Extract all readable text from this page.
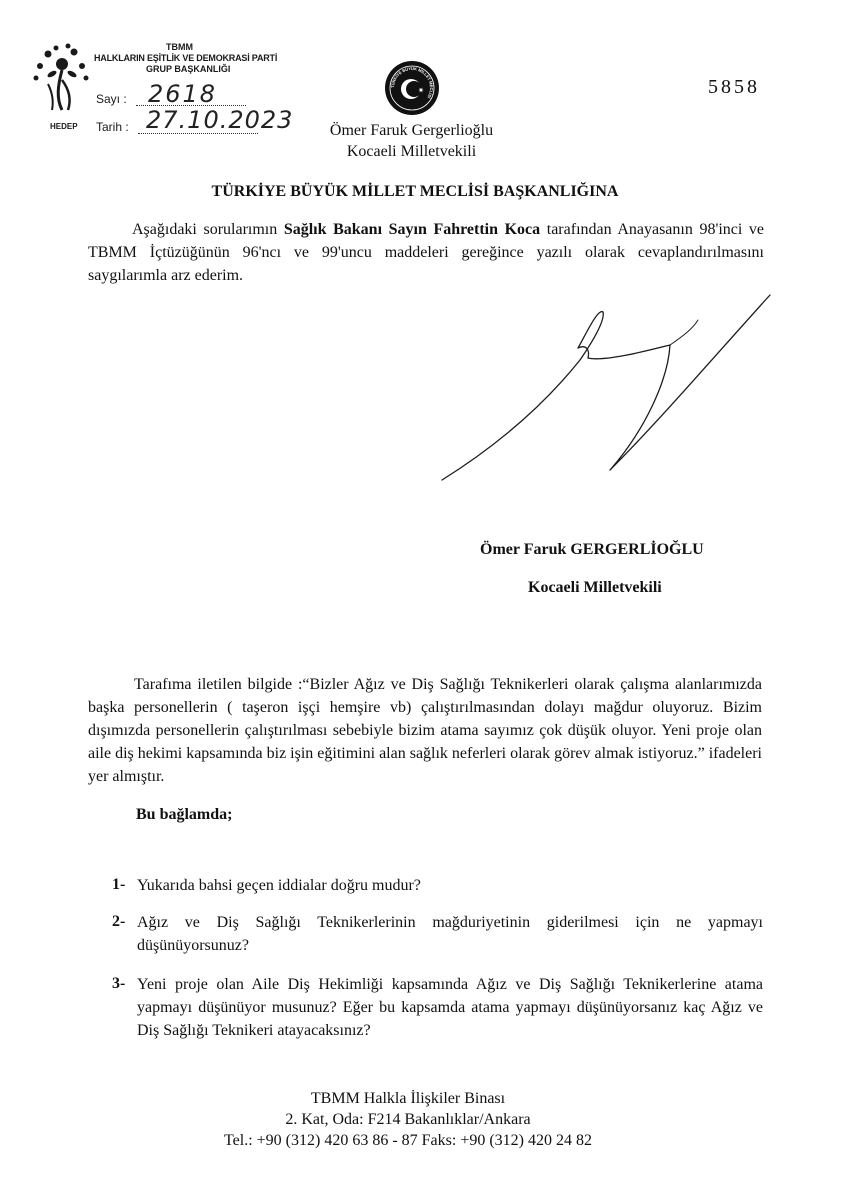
TBMM
HALKLARIN EŞİTLİK VE DEMOKRASİ PARTİ
GRUP BAŞKANLIĞI
Sayı : 2618
HEDEP Tarih : 27.10.2023
TÜRKİYE BÜYÜK MİLLET MECLİSİ	5858
Ömer Faruk Gergerlioğlu
Kocaeli Milletvekili
TÜRKİYE BÜYÜK MİLLET MECLİSİ BAŞKANLIĞINA
Aşağıdaki sorularımın Sağlık Bakanı Sayın Fahrettin Koca tarafından Anayasanın 98'inci ve TBMM İçtüzüğünün 96'ncı ve 99'uncu maddeleri gereğince yazılı olarak cevaplandırılmasını saygılarımla arz ederim.
Ömer Faruk GERGERLİOĞLU
Kocaeli Milletvekili
Tarafıma iletilen bilgide :“Bizler Ağız ve Diş Sağlığı Teknikerleri olarak çalışma alanlarımızda başka personellerin ( taşeron işçi hemşire vb) çalıştırılmasından dolayı mağdur oluyoruz. Bizim dışımızda personellerin çalıştırılması sebebiyle bizim atama sayımız çok düşük oluyor. Yeni proje olan aile diş hekimi kapsamında biz işin eğitimini alan sağlık neferleri olarak görev almak istiyoruz.” ifadeleri yer almıştır.
Bu bağlamda;
1- Yukarıda bahsi geçen iddialar doğru mudur?
2- Ağız ve Diş Sağlığı Teknikerlerinin mağduriyetinin giderilmesi için ne yapmayı düşünüyorsunuz?
3- Yeni proje olan Aile Diş Hekimliği kapsamında Ağız ve Diş Sağlığı Teknikerlerine atama yapmayı düşünüyor musunuz? Eğer bu kapsamda atama yapmayı düşünüyorsanız kaç Ağız ve Diş Sağlığı Teknikeri atayacaksınız?
TBMM Halkla İlişkiler Binası
2. Kat, Oda: F214 Bakanlıklar/Ankara
Tel.: +90 (312) 420 63 86 - 87 Faks: +90 (312) 420 24 82
